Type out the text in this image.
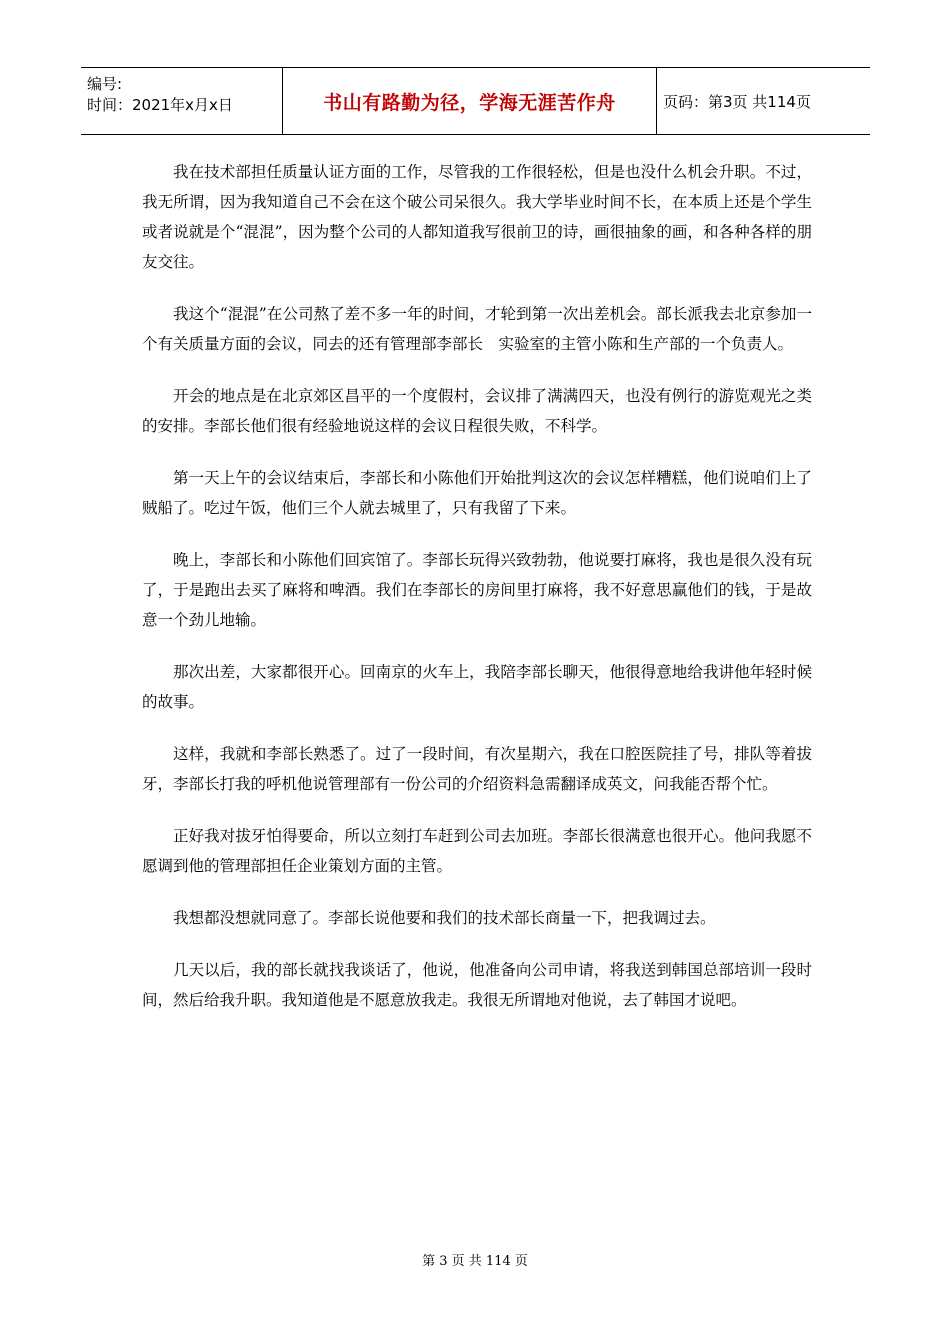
编号:
时间：2021年x月x日	书山有路勤为径，学海无涯苦作舟	页码：第3页 共114页

我在技术部担任质量认证方面的工作，尽管我的工作很轻松，但是也没什么机会升职。不过，我无所谓，因为我知道自己不会在这个破公司呆很久。我大学毕业时间不长，在本质上还是个学生或者说就是个“混混”，因为整个公司的人都知道我写很前卫的诗，画很抽象的画，和各种各样的朋友交往。

我这个“混混”在公司熬了差不多一年的时间，才轮到第一次出差机会。部长派我去北京参加一个有关质量方面的会议，同去的还有管理部李部长　实验室的主管小陈和生产部的一个负责人。

开会的地点是在北京郊区昌平的一个度假村，会议排了满满四天，也没有例行的游览观光之类的安排。李部长他们很有经验地说这样的会议日程很失败，不科学。

第一天上午的会议结束后，李部长和小陈他们开始批判这次的会议怎样糟糕，他们说咱们上了贼船了。吃过午饭，他们三个人就去城里了，只有我留了下来。

晚上，李部长和小陈他们回宾馆了。李部长玩得兴致勃勃，他说要打麻将，我也是很久没有玩了，于是跑出去买了麻将和啤酒。我们在李部长的房间里打麻将，我不好意思赢他们的钱，于是故意一个劲儿地输。

那次出差，大家都很开心。回南京的火车上，我陪李部长聊天，他很得意地给我讲他年轻时候的故事。

这样，我就和李部长熟悉了。过了一段时间，有次星期六，我在口腔医院挂了号，排队等着拔牙，李部长打我的呼机他说管理部有一份公司的介绍资料急需翻译成英文，问我能否帮个忙。

正好我对拔牙怕得要命，所以立刻打车赶到公司去加班。李部长很满意也很开心。他问我愿不愿调到他的管理部担任企业策划方面的主管。

我想都没想就同意了。李部长说他要和我们的技术部长商量一下，把我调过去。

几天以后，我的部长就找我谈话了，他说，他准备向公司申请，将我送到韩国总部培训一段时间，然后给我升职。我知道他是不愿意放我走。我很无所谓地对他说，去了韩国才说吧。

第 3 页 共 114 页
